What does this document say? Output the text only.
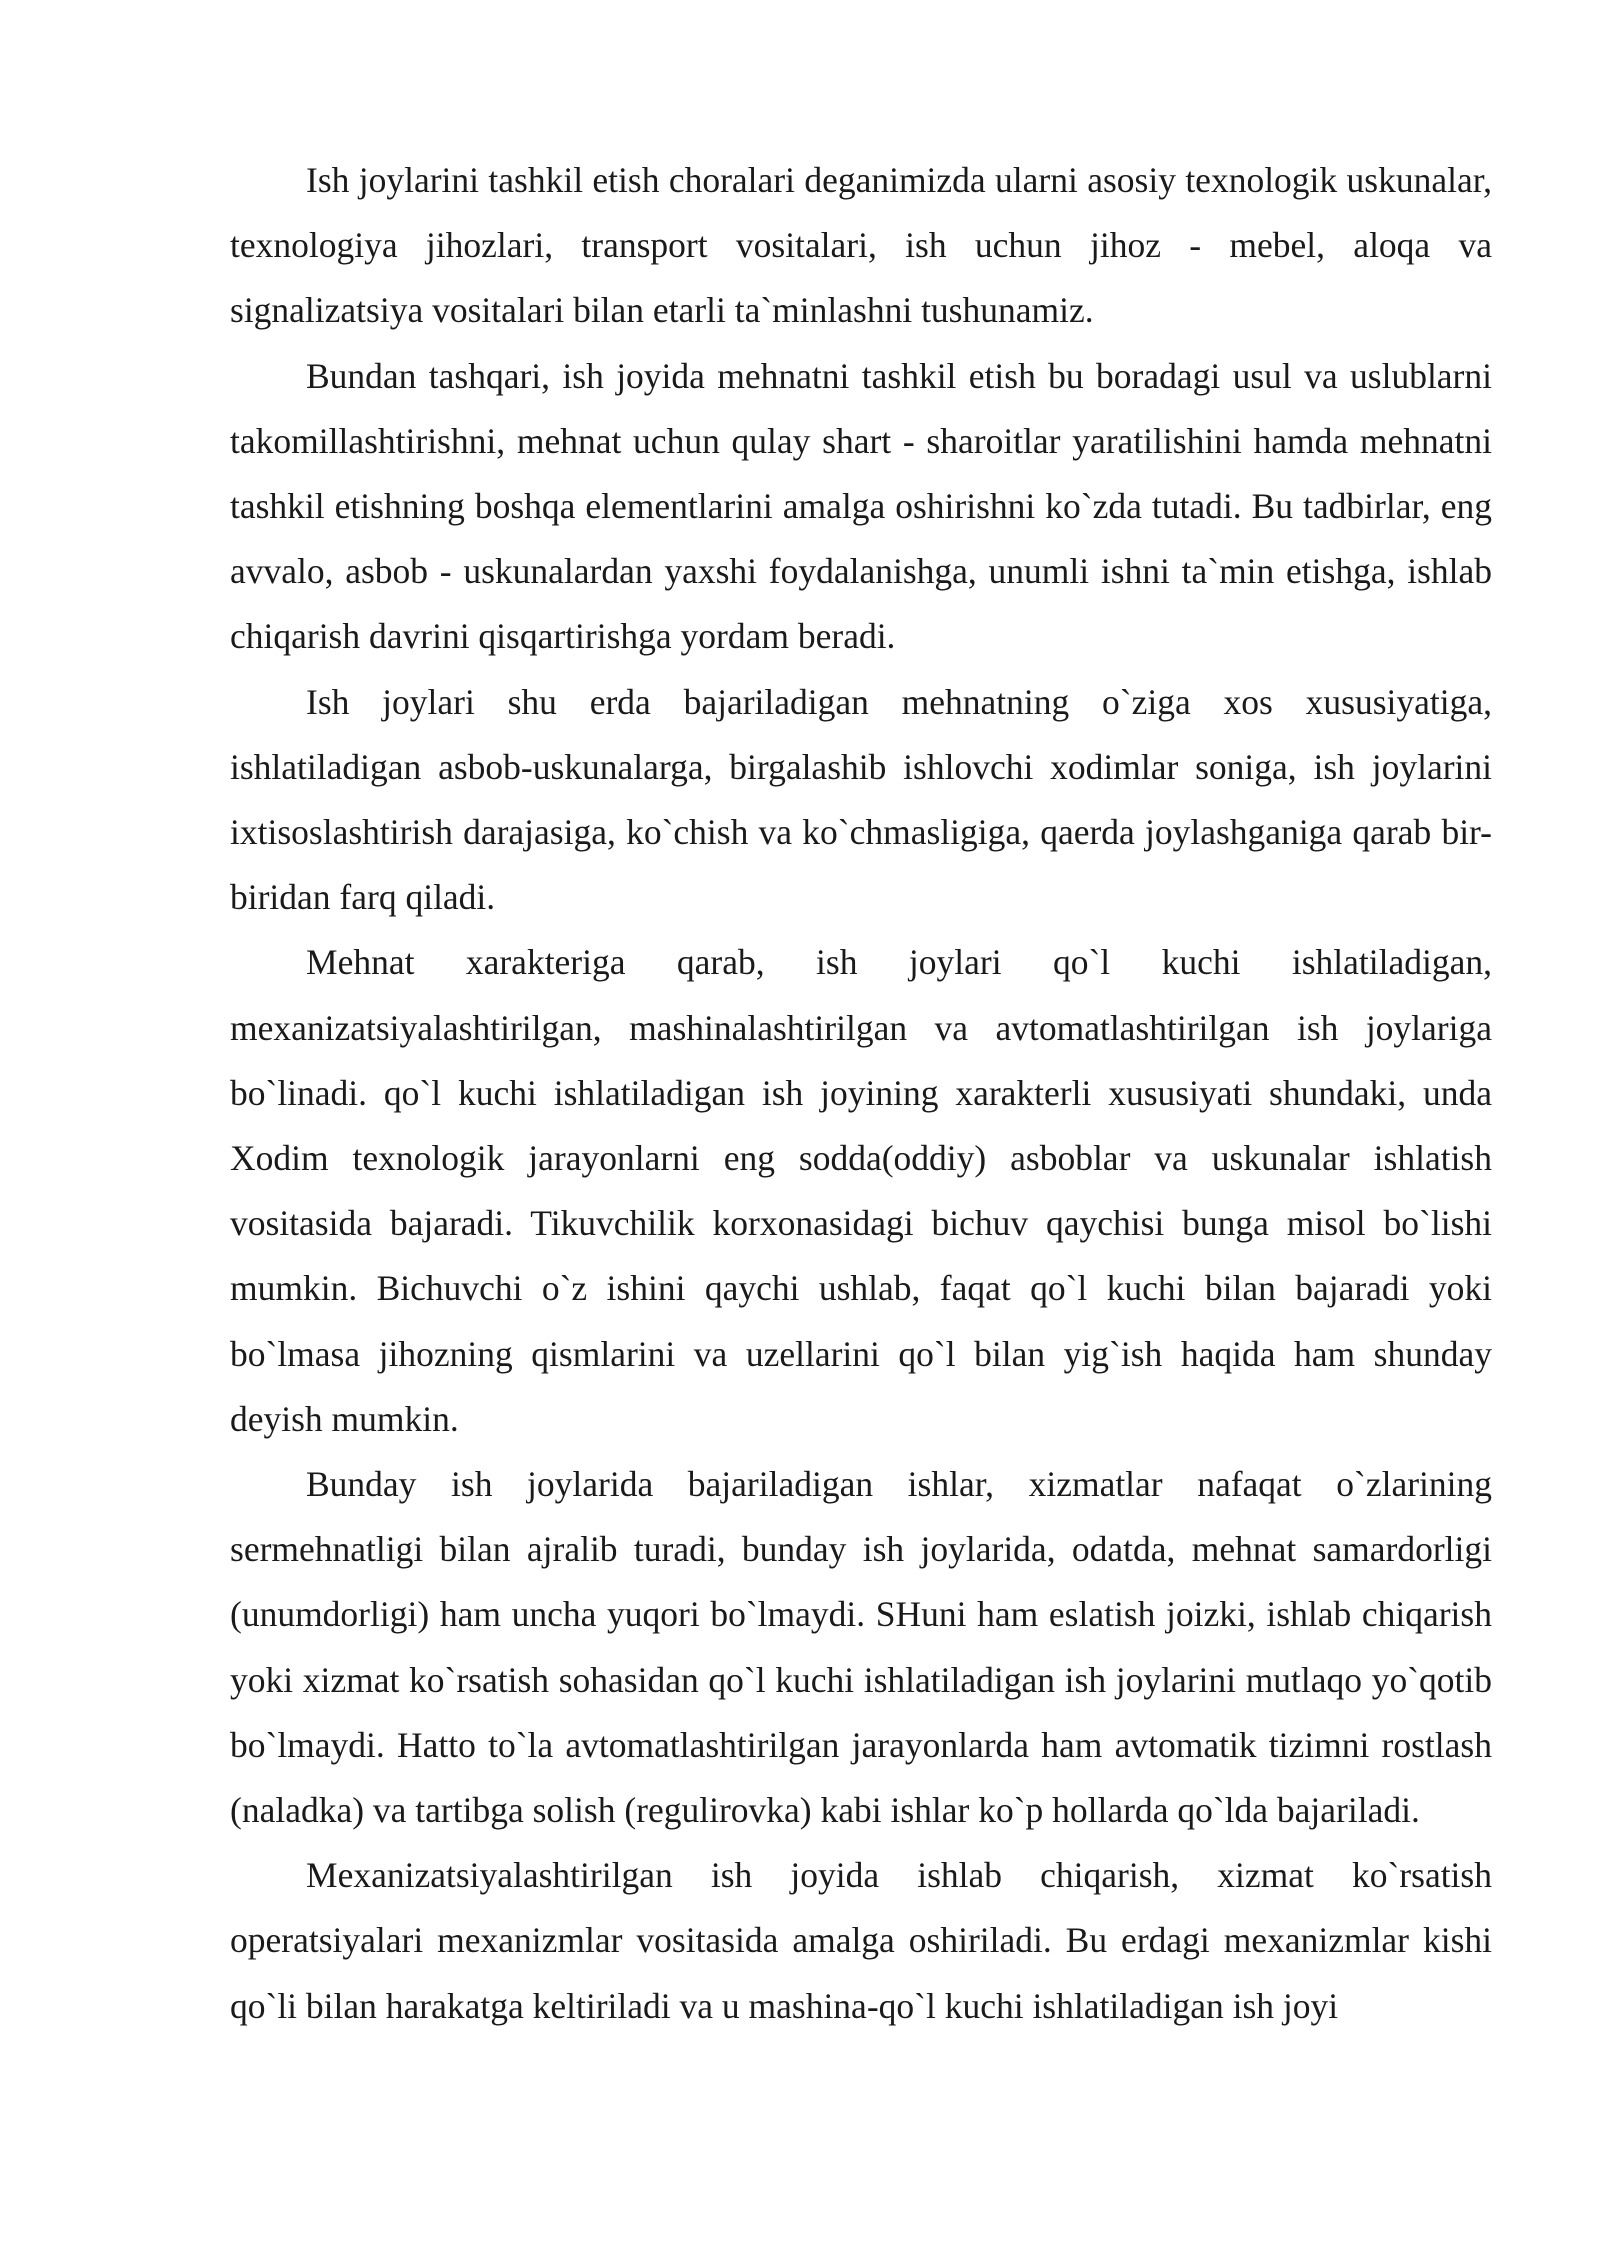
Ish joylarini tashkil etish choralari deganimizda ularni asosiy texnologik uskunalar, texnologiya jihozlari, transport vositalari, ish uchun jihoz - mebel, aloqa va signalizatsiya vositalari bilan etarli ta`minlashni tushunamiz.

Bundan tashqari, ish joyida mehnatni tashkil etish bu boradagi usul va uslublarni takomillashtirishni, mehnat uchun qulay shart - sharoitlar yaratilishini hamda mehnatni tashkil etishning boshqa elementlarini amalga oshirishni ko`zda tutadi. Bu tadbirlar, eng avvalo, asbob - uskunalardan yaxshi foydalanishga, unumli ishni ta`min etishga, ishlab chiqarish davrini qisqartirishga yordam beradi.

Ish joylari shu erda bajariladigan mehnatning o`ziga xos xususiyatiga, ishlatiladigan asbob-uskunalarga, birgalashib ishlovchi xodimlar soniga, ish joylarini ixtisoslashtirish darajasiga, ko`chish va ko`chmasligiga, qaerda joylashganiga qarab bir-biridan farq qiladi.

Mehnat xarakteriga qarab, ish joylari qo`l kuchi ishlatiladigan, mexanizatsiyalashtirilgan, mashinalashtirilgan va avtomatlashtirilgan ish joylariga bo`linadi. qo`l kuchi ishlatiladigan ish joyining xarakterli xususiyati shundaki, unda Xodim texnologik jarayonlarni eng sodda(oddiy) asboblar va uskunalar ishlatish vositasida bajaradi. Tikuvchilik korxonasidagi bichuv qaychisi bunga misol bo`lishi mumkin. Bichuvchi o`z ishini qaychi ushlab, faqat qo`l kuchi bilan bajaradi yoki bo`lmasa jihozning qismlarini va uzellarini qo`l bilan yig`ish haqida ham shunday deyish mumkin.

Bunday ish joylarida bajariladigan ishlar, xizmatlar nafaqat o`zlarining sermehnatligi bilan ajralib turadi, bunday ish joylarida, odatda, mehnat samardorligi (unumdorligi) ham uncha yuqori bo`lmaydi. SHuni ham eslatish joizki, ishlab chiqarish yoki xizmat ko`rsatish sohasidan qo`l kuchi ishlatiladigan ish joylarini mutlaqo yo`qotib bo`lmaydi. Hatto to`la avtomatlashtirilgan jarayonlarda ham avtomatik tizimni rostlash (naladka) va tartibga solish (regulirovka) kabi ishlar ko`p hollarda qo`lda bajariladi.

Mexanizatsiyalashtirilgan ish joyida ishlab chiqarish, xizmat ko`rsatish operatsiyalari mexanizmlar vositasida amalga oshiriladi. Bu erdagi mexanizmlar kishi qo`li bilan harakatga keltiriladi va u mashina-qo`l kuchi ishlatiladigan ish joyi
